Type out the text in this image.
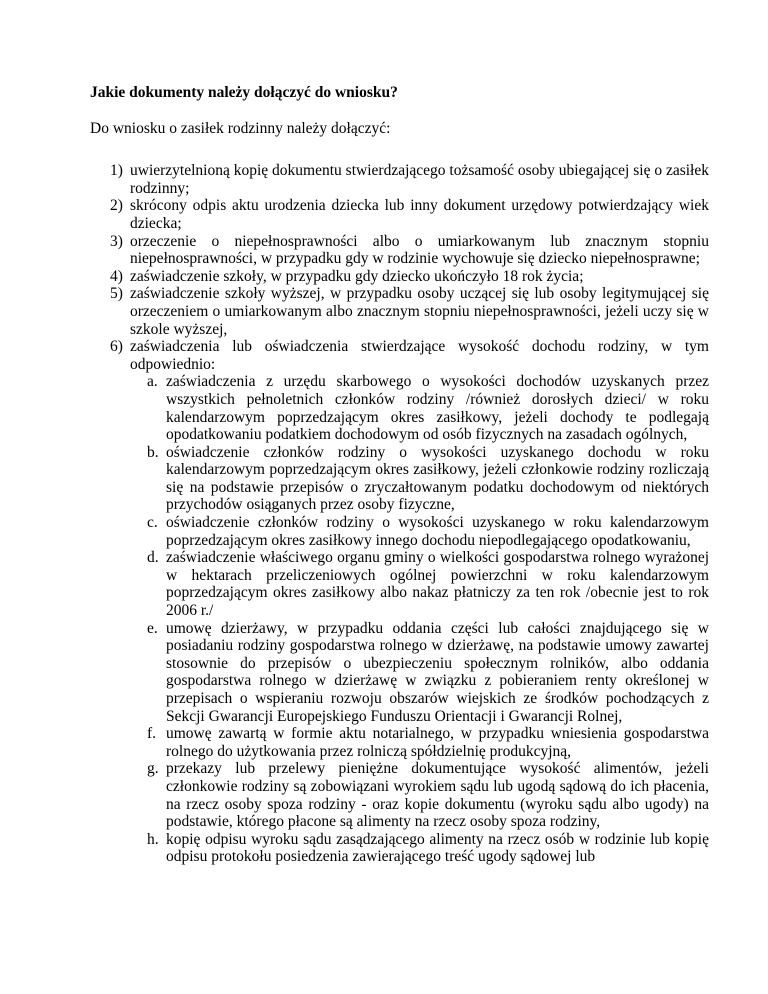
Jakie dokumenty należy dołączyć do wniosku?

Do wniosku o zasiłek rodzinny należy dołączyć:

1) uwierzytelnioną kopię dokumentu stwierdzającego tożsamość osoby ubiegającej się o zasiłek rodzinny;
2) skrócony odpis aktu urodzenia dziecka lub inny dokument urzędowy potwierdzający wiek dziecka;
3) orzeczenie o niepełnosprawności albo o umiarkowanym lub znacznym stopniu niepełnosprawności, w przypadku gdy w rodzinie wychowuje się dziecko niepełnosprawne;
4) zaświadczenie szkoły, w przypadku gdy dziecko ukończyło 18 rok życia;
5) zaświadczenie szkoły wyższej, w przypadku osoby uczącej się lub osoby legitymującej się orzeczeniem o umiarkowanym albo znacznym stopniu niepełnosprawności, jeżeli uczy się w szkole wyższej,
6) zaświadczenia lub oświadczenia stwierdzające wysokość dochodu rodziny, w tym odpowiednio:
a. zaświadczenia z urzędu skarbowego o wysokości dochodów uzyskanych przez wszystkich pełnoletnich członków rodziny /również dorosłych dzieci/ w roku kalendarzowym poprzedzającym okres zasiłkowy, jeżeli dochody te podlegają opodatkowaniu podatkiem dochodowym od osób fizycznych na zasadach ogólnych,
b. oświadczenie członków rodziny o wysokości uzyskanego dochodu w roku kalendarzowym poprzedzającym okres zasiłkowy, jeżeli członkowie rodziny rozliczają się na podstawie przepisów o zryczałtowanym podatku dochodowym od niektórych przychodów osiąganych przez osoby fizyczne,
c. oświadczenie członków rodziny o wysokości uzyskanego w roku kalendarzowym poprzedzającym okres zasiłkowy innego dochodu niepodlegającego opodatkowaniu,
d. zaświadczenie właściwego organu gminy o wielkości gospodarstwa rolnego wyrażonej w hektarach przeliczeniowych ogólnej powierzchni w roku kalendarzowym poprzedzającym okres zasiłkowy albo nakaz płatniczy za ten rok /obecnie jest to rok 2006 r./
e. umowę dzierżawy, w przypadku oddania części lub całości znajdującego się w posiadaniu rodziny gospodarstwa rolnego w dzierżawę, na podstawie umowy zawartej stosownie do przepisów o ubezpieczeniu społecznym rolników, albo oddania gospodarstwa rolnego w dzierżawę w związku z pobieraniem renty określonej w przepisach o wspieraniu rozwoju obszarów wiejskich ze środków pochodzących z Sekcji Gwarancji Europejskiego Funduszu Orientacji i Gwarancji Rolnej,
f. umowę zawartą w formie aktu notarialnego, w przypadku wniesienia gospodarstwa rolnego do użytkowania przez rolniczą spółdzielnię produkcyjną,
g. przekazy lub przelewy pieniężne dokumentujące wysokość alimentów, jeżeli członkowie rodziny są zobowiązani wyrokiem sądu lub ugodą sądową do ich płacenia, na rzecz osoby spoza rodziny - oraz kopie dokumentu (wyroku sądu albo ugody) na podstawie, którego płacone są alimenty na rzecz osoby spoza rodziny,
h. kopię odpisu wyroku sądu zasądzającego alimenty na rzecz osób w rodzinie lub kopię odpisu protokołu posiedzenia zawierającego treść ugody sądowej lub
